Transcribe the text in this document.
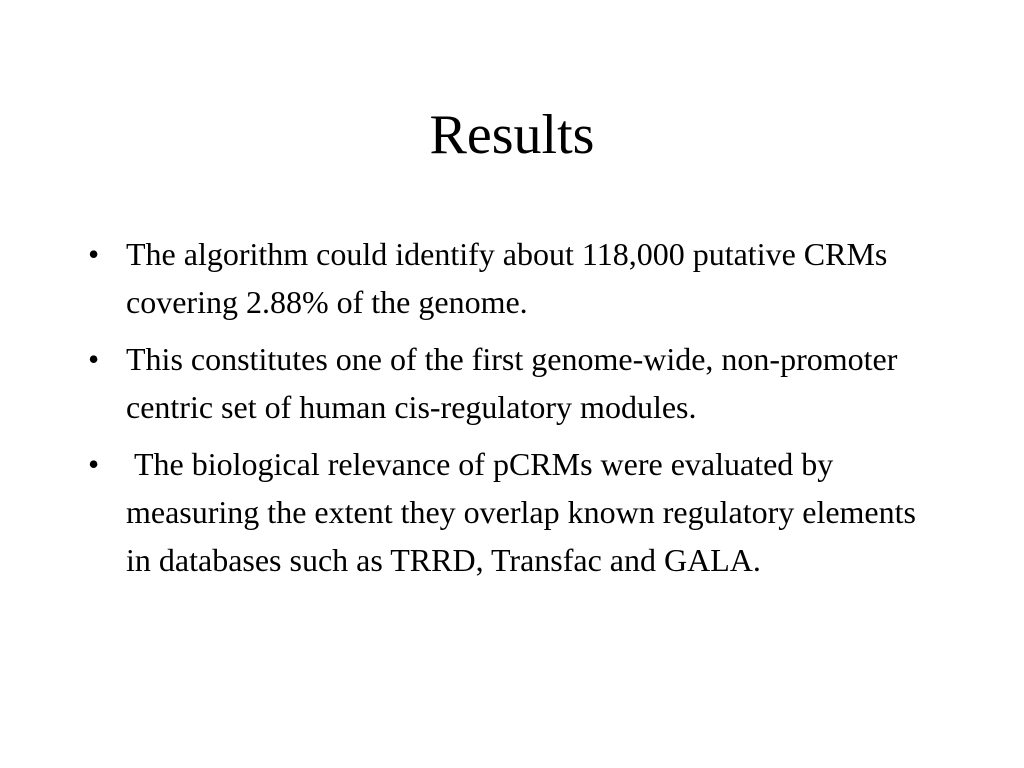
Results
• The algorithm could identify about 118,000 putative CRMs covering 2.88% of the genome.
• This constitutes one of the first genome-wide, non-promoter centric set of human cis-regulatory modules.
• The biological relevance of pCRMs were evaluated by measuring the extent they overlap known regulatory elements in databases such as TRRD, Transfac and GALA.
